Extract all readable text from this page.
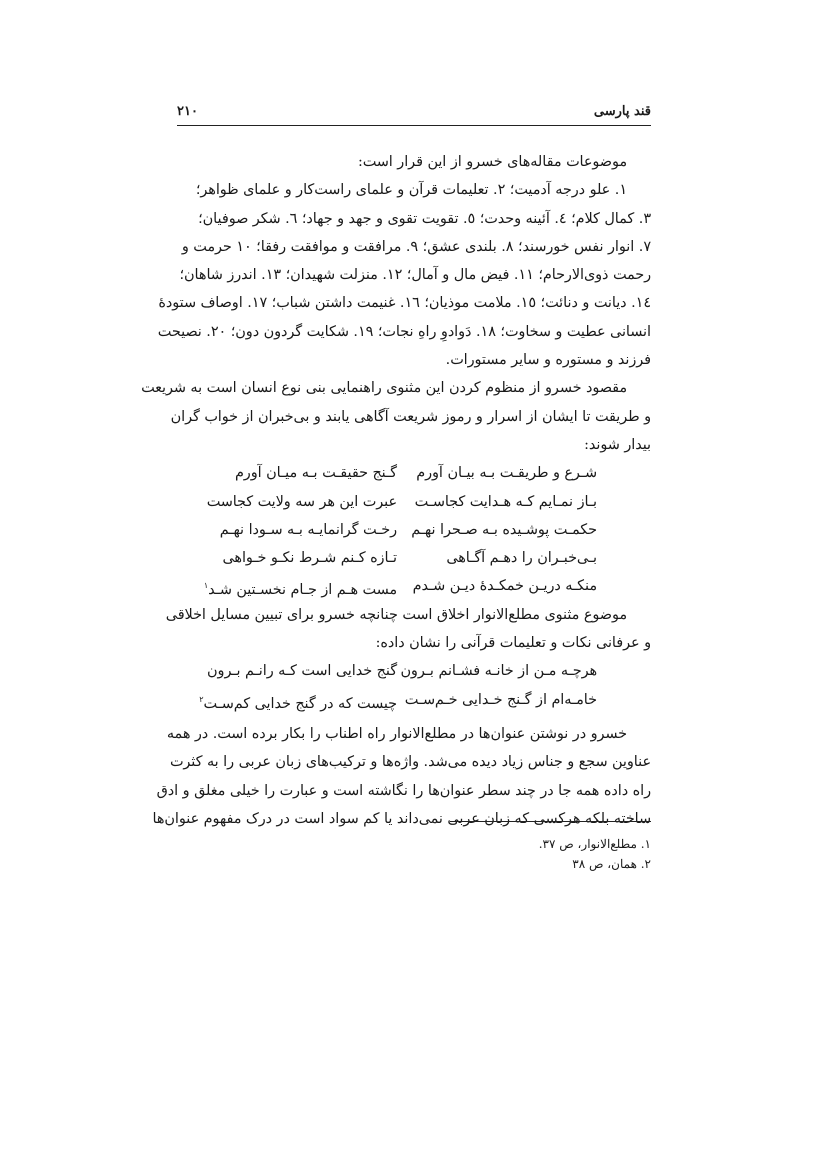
قند پارسی
۲۱۰

موضوعات مقاله‌های خسرو از این قرار است:

۱. علو درجه آدمیت؛ ۲. تعلیمات قرآن و علمای راست‌کار و علمای ظواهر؛
۳. کمال کلام؛ ٤. آئینه وحدت؛ ٥. تقویت تقوی و جهد و جهاد؛ ٦. شکر صوفیان؛
۷. انوار نفس خورسند؛ ۸. بلندی عشق؛ ۹. مرافقت و موافقت رفقا؛ ۱۰ حرمت و
رحمت ذوی‌الارحام؛ ۱۱. فیض مال و آمال؛ ۱۲. منزلت شهیدان؛ ۱۳. اندرز شاهان؛
۱٤. دیانت و دنائت؛ ۱٥. ملامت موذیان؛ ۱٦. غنیمت داشتن شباب؛ ۱۷. اوصاف ستودهٔ
انسانی عطیت و سخاوت؛ ۱۸. دَوادوِ راهِ نجات؛ ۱۹. شکایت گردون دون؛ ۲۰. نصیحت
فرزند و مستوره و سایر مستورات.
مقصود خسرو از منظوم کردن این مثنوی راهنمایی بنی نوع انسان است به شریعت
و طریقت تا ایشان از اسرار و رموز شریعت آگاهی یابند و بی‌خبران از خواب گران
بیدار شوند:
شـرع و طریقـت بـه بیـان آورم
گـنج حقیقـت بـه میـان آورم
بـاز نمـایم کـه هـدایت کجاسـت
عبرت این هر سه ولایت کجاست
حکمـت پوشـیده بـه صـحرا نهـم
رخـت گرانمایـه بـه سـودا نهـم
بـی‌خبـران را دهـم آگـاهی
تـازه کـنم شـرط نکـو خـواهی
منکـه دریـن خمکـدهٔ دیـن شـدم
مست هـم از جـام نخسـتین شـد$^۱$
موضوع مثنوی مطلع‌الانوار اخلاق است چنانچه خسرو برای تبیین مسایل اخلاقی
و عرفانی نکات و تعلیمات قرآنی را نشان داده:
هرچـه مـن از خانـه فشـانم بـرون
گنج خدایی است کـه رانـم بـرون
خامـه‌ام از گـنج خـدایی خـم‌سـت
چیست که در گنج خدایی کم‌سـت$^۲$
خسرو در نوشتن عنوان‌ها در مطلع‌الانوار راه اطناب را بکار برده است. در همه
عناوین سجع و جناس زیاد دیده می‌شد. واژه‌ها و ترکیب‌های زبان عربی را به کثرت
راه داده همه جا در چند سطر عنوان‌ها را نگاشته است و عبارت را خیلی مغلق و ادق
ساخته بلکه هرکسی که زبان عربی نمی‌داند یا کم سواد است در درک مفهوم عنوان‌ها
۱. مطلع‌الانوار، ص ۳۷.
۲. همان، ص ۳۸
